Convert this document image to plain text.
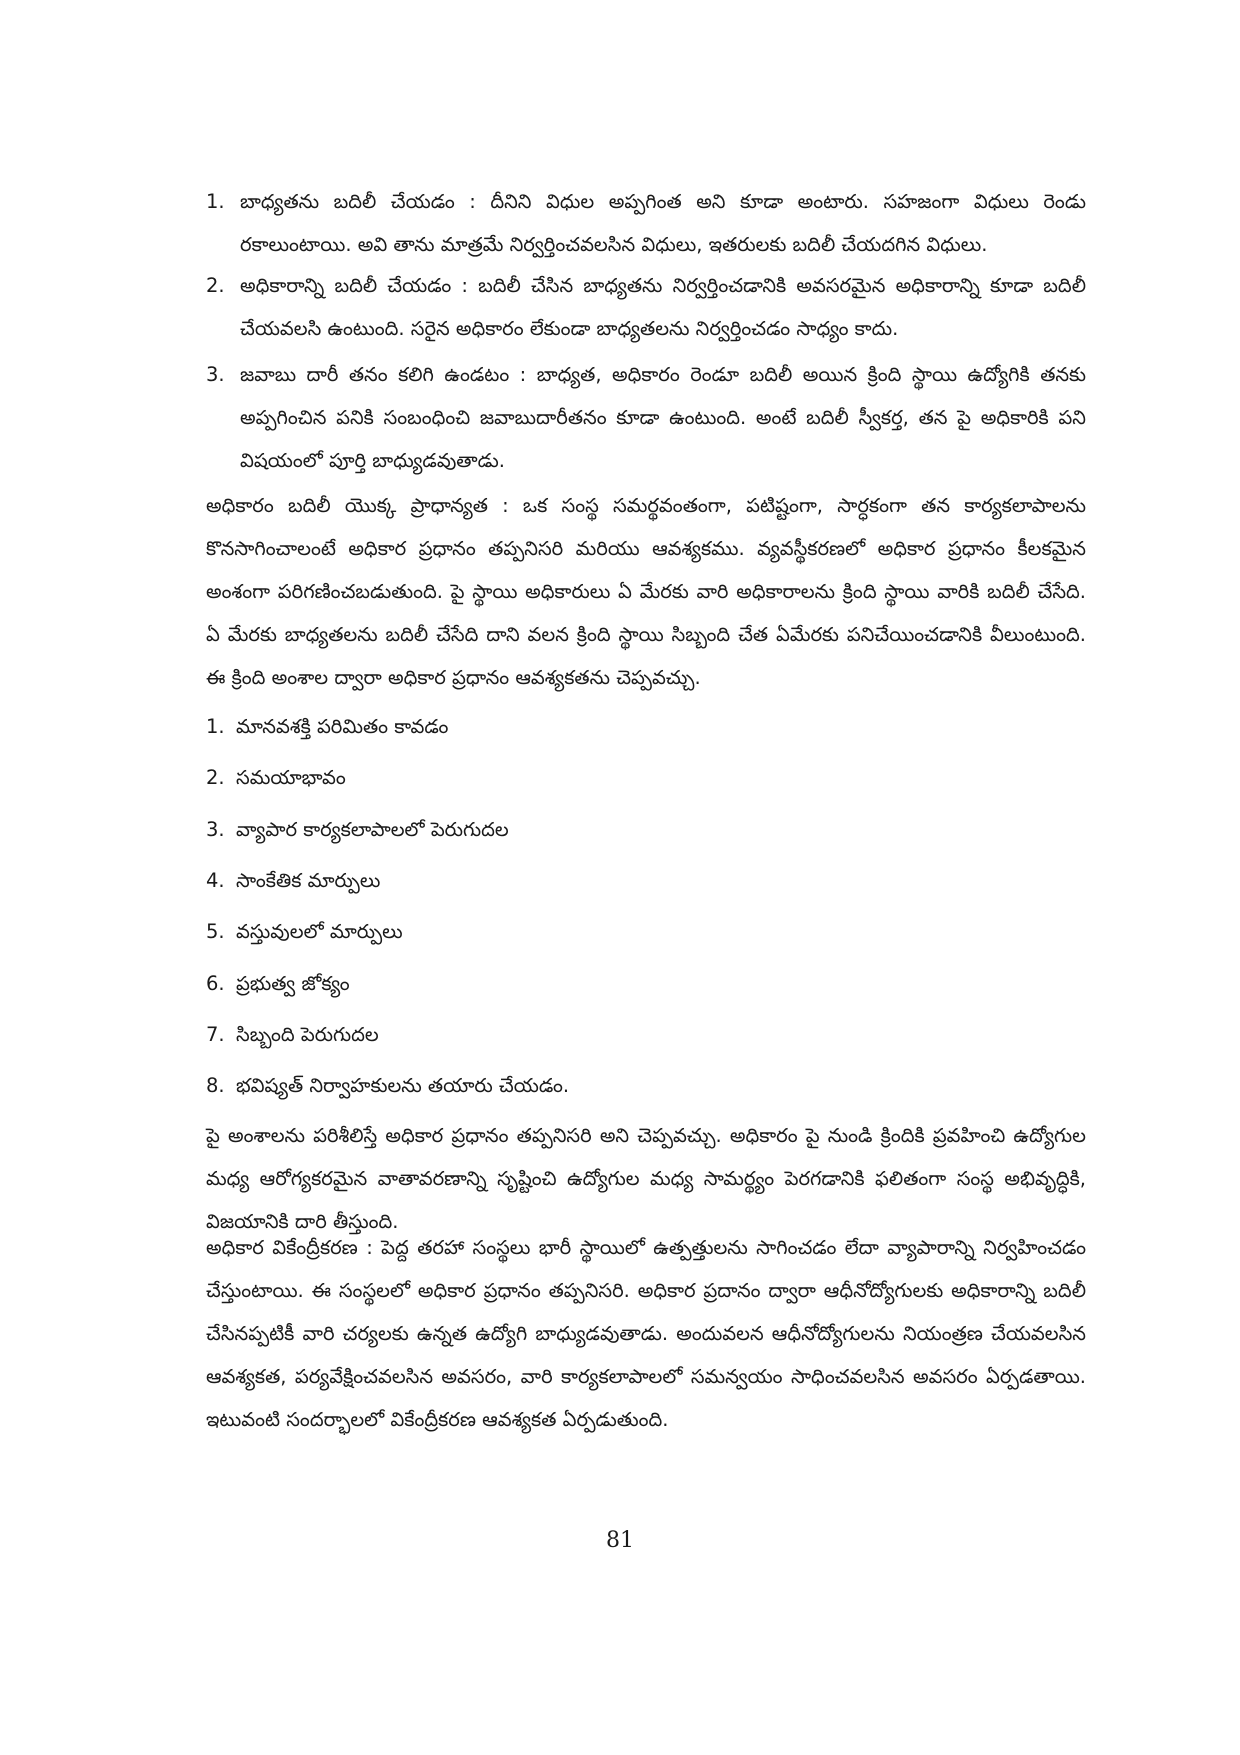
1. బాధ్యతను బదిలీ చేయడం : దీనిని విధుల అప్పగింత అని కూడా అంటారు. సహజంగా విధులు రెండు రకాలుంటాయి. అవి తాను మాత్రమే నిర్వర్తించవలసిన విధులు, ఇతరులకు బదిలీ చేయదగిన విధులు.
2. అధికారాన్ని బదిలీ చేయడం : బదిలీ చేసిన బాధ్యతను నిర్వర్తించడానికి అవసరమైన అధికారాన్ని కూడా బదిలీ చేయవలసి ఉంటుంది. సరైన అధికారం లేకుండా బాధ్యతలను నిర్వర్తించడం సాధ్యం కాదు.
3. జవాబు దారీ తనం కలిగి ఉండటం : బాధ్యత, అధికారం రెండూ బదిలీ అయిన క్రింది స్థాయి ఉద్యోగికి తనకు అప్పగించిన పనికి సంబంధించి జవాబుదారీతనం కూడా ఉంటుంది. అంటే బదిలీ స్వీకర్త, తన పై అధికారికి పని విషయంలో పూర్తి బాధ్యుడవుతాడు.
అధికారం బదిలీ యొక్క ప్రాధాన్యత : ఒక సంస్థ సమర్థవంతంగా, పటిష్టంగా, సార్ధకంగా తన కార్యకలాపాలను కొనసాగించాలంటే అధికార ప్రధానం తప్పనిసరి మరియు ఆవశ్యకము. వ్యవస్థీకరణలో అధికార ప్రధానం కీలకమైన అంశంగా పరిగణించబడుతుంది. పై స్థాయి అధికారులు ఏ మేరకు వారి అధికారాలను క్రింది స్థాయి వారికి బదిలీ చేసేది. ఏ మేరకు బాధ్యతలను బదిలీ చేసేది దాని వలన క్రింది స్థాయి సిబ్బంది చేత ఏమేరకు పనిచేయించడానికి వీలుంటుంది. ఈ క్రింది అంశాల ద్వారా అధికార ప్రధానం ఆవశ్యకతను చెప్పవచ్చు.
1. మానవశక్తి పరిమితం కావడం
2. సమయాభావం
3. వ్యాపార కార్యకలాపాలలో పెరుగుదల
4. సాంకేతిక మార్పులు
5. వస్తువులలో మార్పులు
6. ప్రభుత్వ జోక్యం
7. సిబ్బంది పెరుగుదల
8. భవిష్యత్ నిర్వాహకులను తయారు చేయడం.
పై అంశాలను పరిశీలిస్తే అధికార ప్రధానం తప్పనిసరి అని చెప్పవచ్చు. అధికారం పై నుండి క్రిందికి ప్రవహించి ఉద్యోగుల మధ్య ఆరోగ్యకరమైన వాతావరణాన్ని సృష్టించి ఉద్యోగుల మధ్య సామర్థ్యం పెరగడానికి ఫలితంగా సంస్థ అభివృద్ధికి, విజయానికి దారి తీస్తుంది.
అధికార వికేంద్రీకరణ : పెద్ద తరహా సంస్థలు భారీ స్థాయిలో ఉత్పత్తులను సాగించడం లేదా వ్యాపారాన్ని నిర్వహించడం చేస్తుంటాయి. ఈ సంస్థలలో అధికార ప్రధానం తప్పనిసరి. అధికార ప్రదానం ద్వారా ఆధీనోద్యోగులకు అధికారాన్ని బదిలీ చేసినప్పటికీ వారి చర్యలకు ఉన్నత ఉద్యోగి బాధ్యుడవుతాడు. అందువలన ఆధీనోద్యోగులను నియంత్రణ చేయవలసిన ఆవశ్యకత, పర్యవేక్షించవలసిన అవసరం, వారి కార్యకలాపాలలో సమన్వయం సాధించవలసిన అవసరం ఏర్పడతాయి. ఇటువంటి సందర్భాలలో వికేంద్రీకరణ ఆవశ్యకత ఏర్పడుతుంది.
81
